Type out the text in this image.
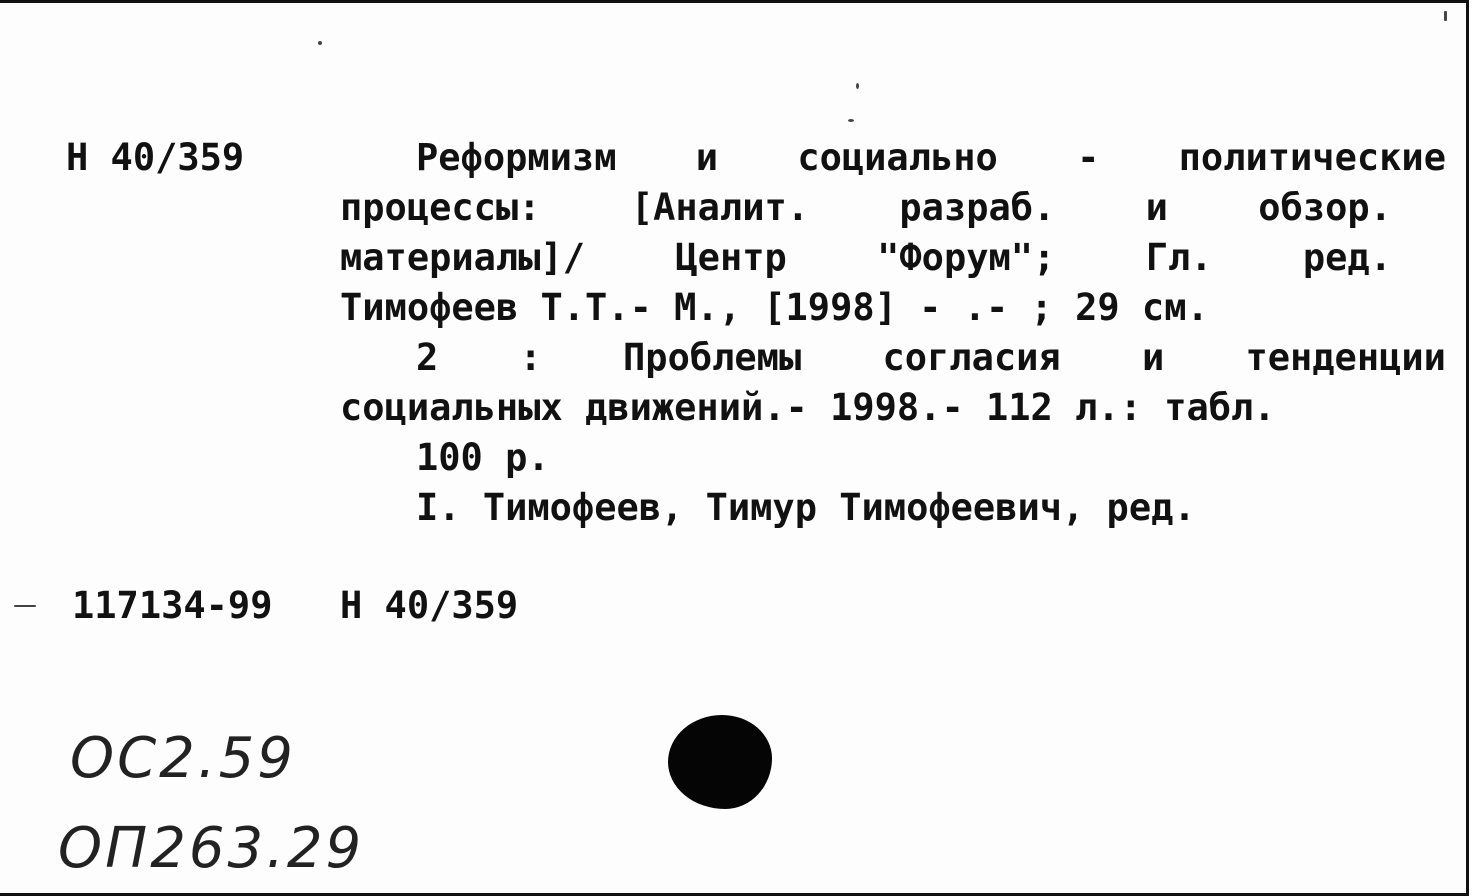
Н 40/359	Реформизм и социально - политические
процессы: [Аналит. разраб. и обзор.
материалы]/ Центр "Форум"; Гл. ред.
Тимофеев Т.Т.- М., [1998] - .- ; 29 см.
2 : Проблемы согласия и тенденции
социальных движений.- 1998.- 112 л.: табл.
100 р.
I. Тимофеев, Тимур Тимофеевич, ред.
117134-99 Н 40/359
ОС2.59
ОП263.29
